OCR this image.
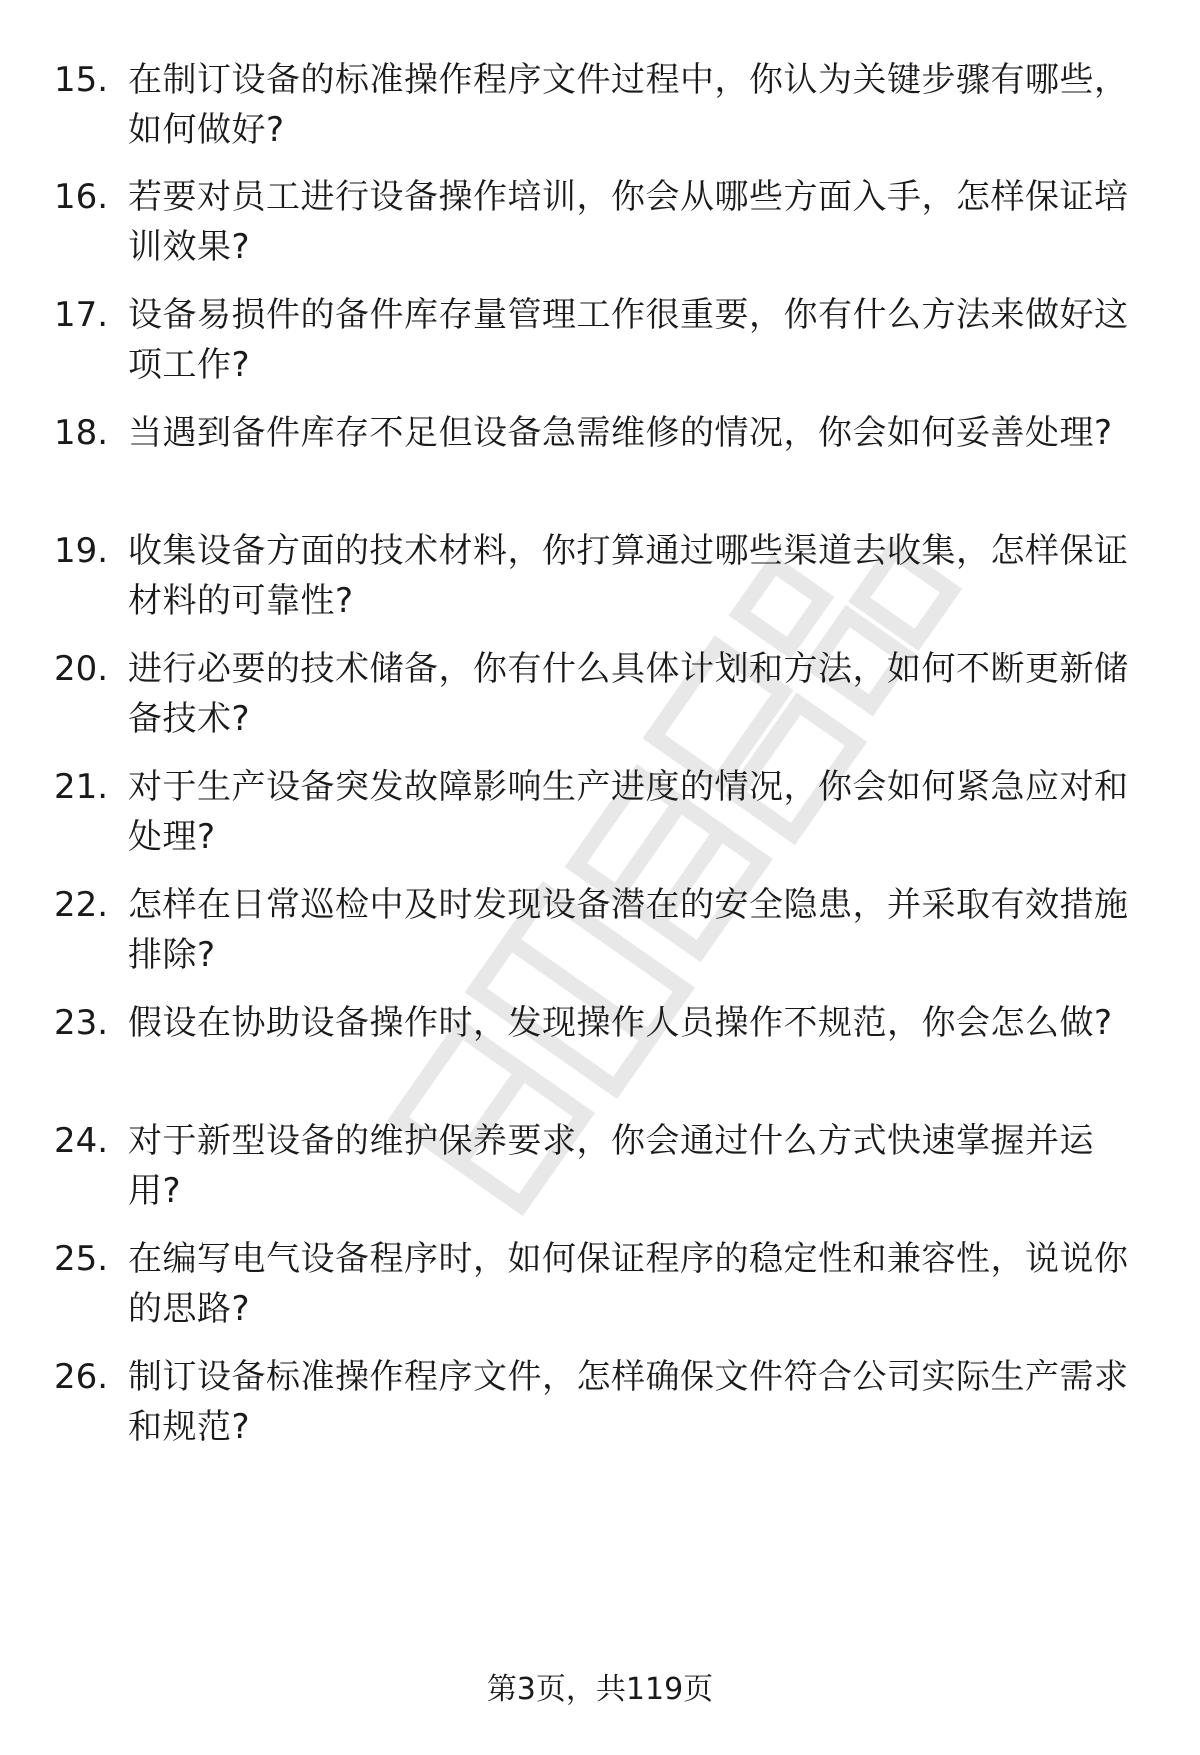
15. 在制订设备的标准操作程序文件过程中，你认为关键步骤有哪些，如何做好?
16. 若要对员工进行设备操作培训，你会从哪些方面入手，怎样保证培训效果?
17. 设备易损件的备件库存量管理工作很重要，你有什么方法来做好这项工作?
18. 当遇到备件库存不足但设备急需维修的情况，你会如何妥善处理?
19. 收集设备方面的技术材料，你打算通过哪些渠道去收集，怎样保证材料的可靠性?
20. 进行必要的技术储备，你有什么具体计划和方法，如何不断更新储备技术?
21. 对于生产设备突发故障影响生产进度的情况，你会如何紧急应对和处理?
22. 怎样在日常巡检中及时发现设备潜在的安全隐患，并采取有效措施排除?
23. 假设在协助设备操作时，发现操作人员操作不规范，你会怎么做?
24. 对于新型设备的维护保养要求，你会通过什么方式快速掌握并运用?
25. 在编写电气设备程序时，如何保证程序的稳定性和兼容性，说说你的思路?
26. 制订设备标准操作程序文件，怎样确保文件符合公司实际生产需求和规范?
第3页，共119页
